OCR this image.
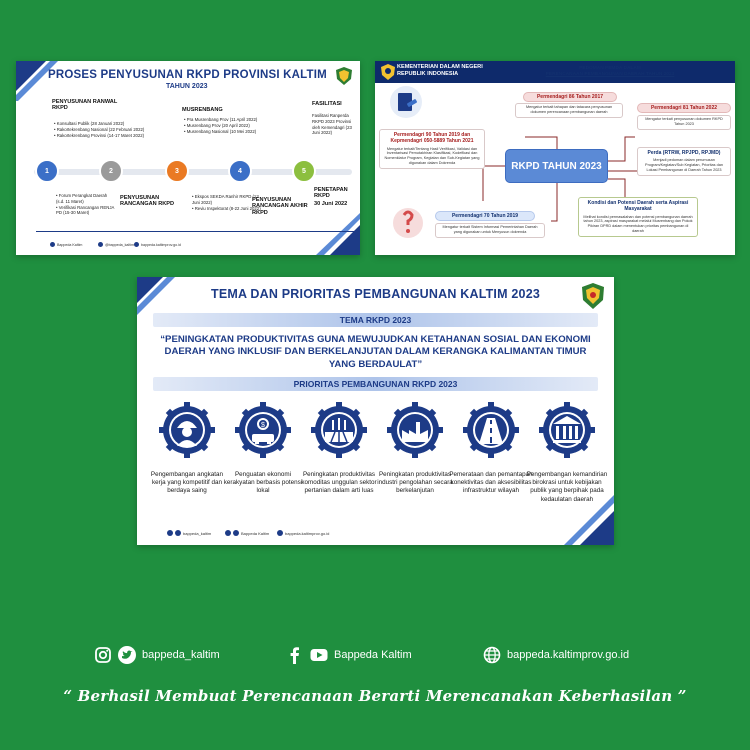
PROSES PENYUSUNAN RKPD PROVINSI KALTIM
TAHUN 2023
PENYUSUNAN RANWAL RKPD
• Konsultasi Publik (28 Januari 2022)
• Rakortekrenbang Nasional (22 Februari 2022)
• Rakortekrenbang Provinsi (14-17 Maret 2022)
MUSRENBANG
• Pra Musrenbang Prov (11 April 2022)
• Musrenbang Prov (20 April 2022)
• Musrenbang Nasional (10 Mei 2022)
FASILITASI
Fasilitasi Ranperda RKPD 2023 Provinsi oleh Kemendagri (23 Juni 2022)
1	2	3	4	5
• Forum Perangkat Daerah (s.d. 11 Maret)
• Verifikasi Rancangan RENJA PD (15-30 Maret)
PENYUSUNAN RANCANGAN RKPD
• Ekspos SEKDA Ranhir RKPD (13 Juni 2022)
• Reviu Inspektorat (8-22 Juni 2022)
PENYUSUNAN RANCANGAN AKHIR RKPD
PENETAPAN RKPD
30 Juni 2022
Bappeda Kaltim	@bappeda_kaltim bappeda.kaltimprov.go.id
KEMENTERIAN DALAM NEGERI
REPUBLIK INDONESIA
PEDOMAN PEMDA DALAM
PERENCANAAN PEMBANGUNAN DAERAH TAHUN 2023
RKPD TAHUN 2023
Permendagri 86 Tahun 2017
Mengatur terkait tahapan dan tatacara penyusunan dokumen perencanaan pembangunan daerah
Permendagri 81 Tahun 2022
Mengatur terkait penyusunan dokumen RKPD Tahun 2023
Permendagri 90 Tahun 2019 dan Kepmendagri 050-5889 Tahun 2021
Mengatur terkait/Tentang Hasil Verifikasi, Validasi dan Inventarisasi Pemutakhiran Klasifikasi, Kodefikasi dan Nomenklatur Program, Kegiatan dan Sub-Kegiatan yang digunakan dalam Dokrenda
Perda (RTRW, RPJPD, RPJMD)
Menjadi pedoman dalam perumusan Program/Kegiatan/Sub Kegiatan, Prioritas dan Lokasi Pembangunan di Daerah Tahun 2023
Permendagri 70 Tahun 2019
Mengatur terkait Sistem Informasi Pemerintahan Daerah yang digunakan untuk Menyusun dokrenda
Kondisi dan Potensi Daerah serta Aspirasi Masyarakat
Melihat kondisi permasalahan dan potensi pembangunan daerah tahun 2023, aspirasi masyarakat melalui Musrenbang dan Pokok Pikiran DPRD dalam menentukan prioritas pembangunan di daerah
TEMA DAN PRIORITAS PEMBANGUNAN KALTIM 2023
TEMA RKPD 2023
“PENINGKATAN PRODUKTIVITAS GUNA MEWUJUDKAN KETAHANAN SOSIAL DAN EKONOMI DAERAH YANG INKLUSIF DAN BERKELANJUTAN DALAM KERANGKA KALIMANTAN TIMUR YANG BERDAULAT”
PRIORITAS PEMBANGUNAN RKPD 2023
$
Pengembangan angkatan kerja yang kompetitif dan berdaya saing
Penguatan ekonomi kerakyatan berbasis potensi lokal
Peningkatan produktivitas komoditas unggulan sektor pertanian dalam arti luas
Peningkatan produktivitas industri pengolahan secara berkelanjutan
Pemerataan dan pemantapan konektivitas dan aksesibilitas infrastruktur wilayah
Pengembangan kemandirian birokrasi untuk kebijakan publik yang berpihak pada kedaulatan daerah
bappeda_kaltim	Bappeda Kaltim	bappeda.kaltimprov.go.id
bappeda_kaltim	Bappeda Kaltim	bappeda.kaltimprov.go.id
“ Berhasil Membuat Perencanaan Berarti Merencanakan Keberhasilan ”
